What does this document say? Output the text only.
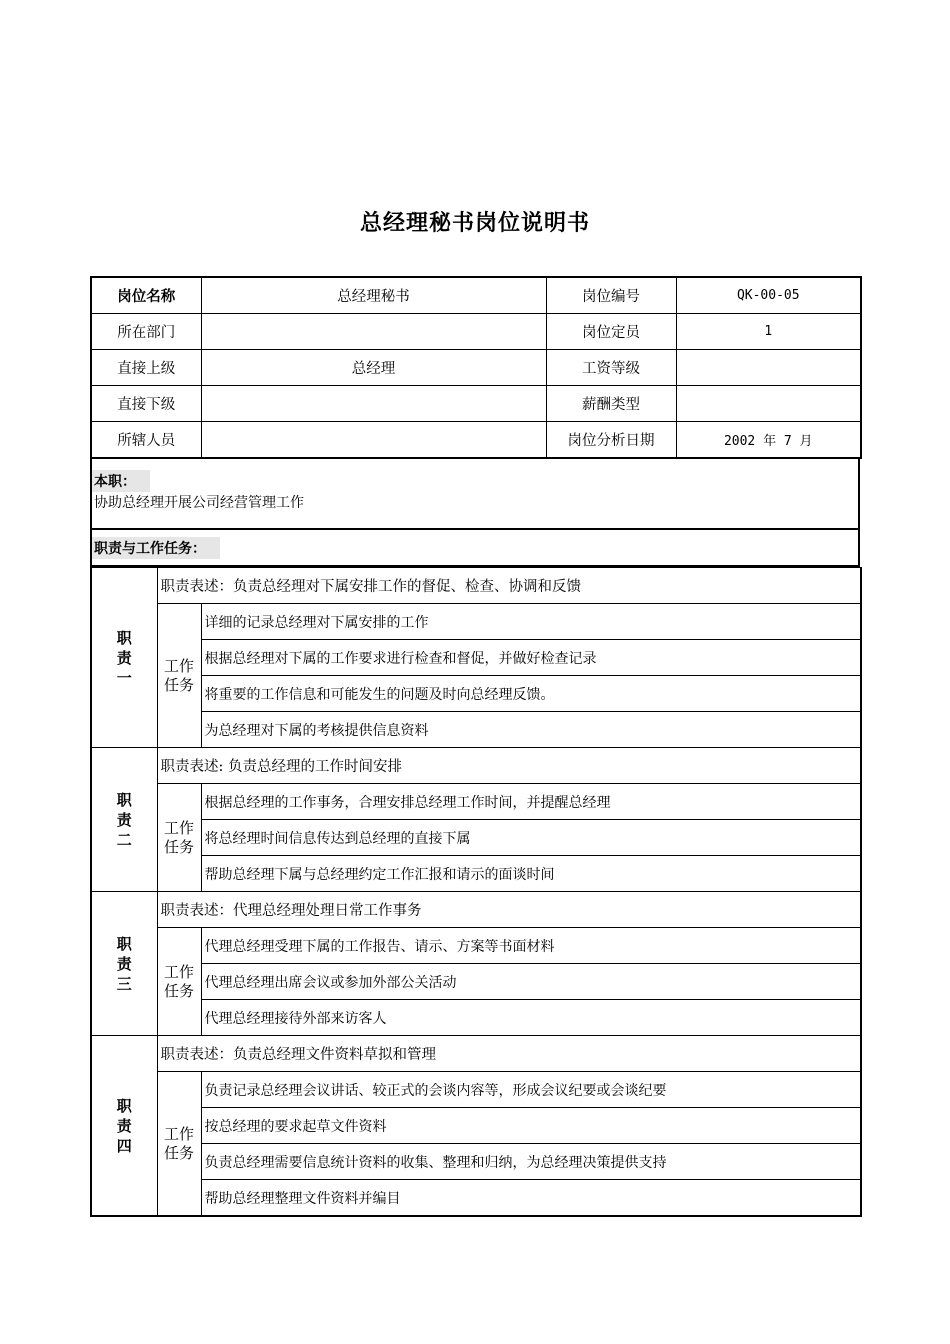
总经理秘书岗位说明书
岗位名称	总经理秘书	岗位编号	QK-00-05
所在部门		岗位定员	1
直接上级	总经理	工资等级	
直接下级		薪酬类型	
所辖人员		岗位分析日期	2002 年 7 月
本职：
协助总经理开展公司经营管理工作
职责与工作任务：
职
责
一	职责表述：负责总经理对下属安排工作的督促、检查、协调和反馈	

	工作
任务	详细的记录总经理对下属安排的工作
		根据总经理对下属的工作要求进行检查和督促，并做好检查记录
		将重要的工作信息和可能发生的问题及时向总经理反馈。
		为总经理对下属的考核提供信息资料

职
责
二	职责表述: 负责总经理的工作时间安排	

	工作
任务	根据总经理的工作事务，合理安排总经理工作时间，并提醒总经理
		将总经理时间信息传达到总经理的直接下属
		帮助总经理下属与总经理约定工作汇报和请示的面谈时间

职
责
三	职责表述：代理总经理处理日常工作事务	

	工作
任务	代理总经理受理下属的工作报告、请示、方案等书面材料
		代理总经理出席会议或参加外部公关活动
		代理总经理接待外部来访客人

职
责
四	职责表述：负责总经理文件资料草拟和管理	

	工作
任务	负责记录总经理会议讲话、较正式的会谈内容等，形成会议纪要或会谈纪要
		按总经理的要求起草文件资料
		负责总经理需要信息统计资料的收集、整理和归纳，为总经理决策提供支持
		帮助总经理整理文件资料并编目
